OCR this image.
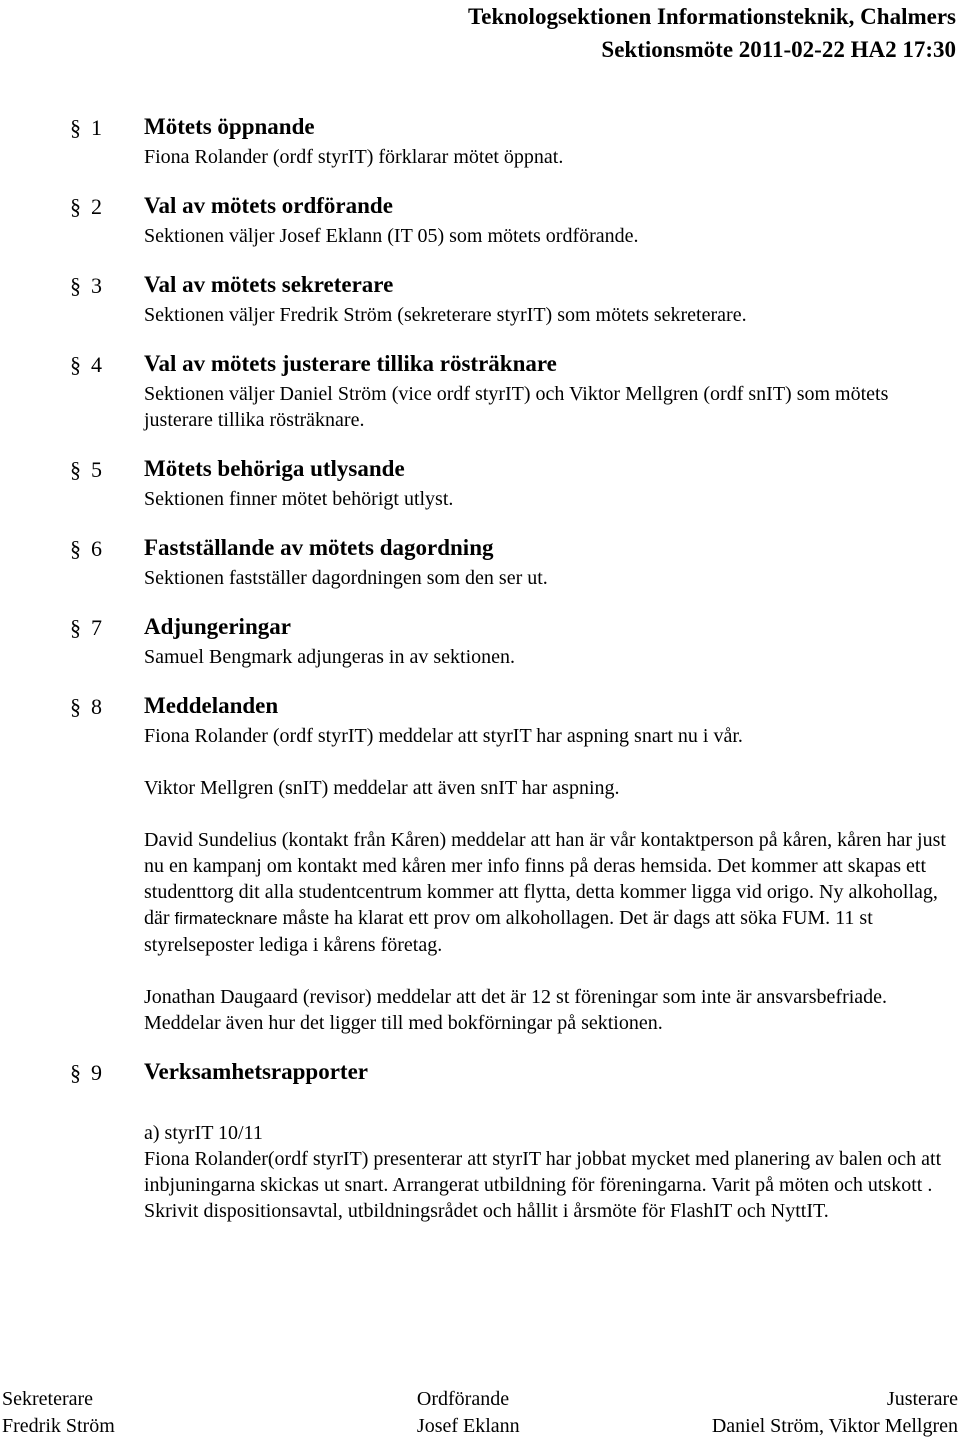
Teknologsektionen Informationsteknik, Chalmers
Sektionsmöte 2011-02-22 HA2 17:30
§ 1 Mötets öppnande
Fiona Rolander (ordf styrIT) förklarar mötet öppnat.
§ 2 Val av mötets ordförande
Sektionen väljer Josef Eklann (IT 05) som mötets ordförande.
§ 3 Val av mötets sekreterare
Sektionen väljer Fredrik Ström (sekreterare styrIT) som mötets sekreterare.
§ 4 Val av mötets justerare tillika rösträknare
Sektionen väljer Daniel Ström (vice ordf styrIT) och Viktor Mellgren (ordf snIT) som mötets justerare tillika rösträknare.
§ 5 Mötets behöriga utlysande
Sektionen finner mötet behörigt utlyst.
§ 6 Fastställande av mötets dagordning
Sektionen fastställer dagordningen som den ser ut.
§ 7 Adjungeringar
Samuel Bengmark adjungeras in av sektionen.
§ 8 Meddelanden
Fiona Rolander (ordf styrIT) meddelar att styrIT har aspning snart nu i vår.
Viktor Mellgren (snIT) meddelar att även snIT har aspning.
David Sundelius (kontakt från Kåren) meddelar att han är vår kontaktperson på kåren, kåren har just nu en kampanj om kontakt med kåren mer info finns på deras hemsida. Det kommer att skapas ett studenttorg dit alla studentcentrum kommer att flytta, detta kommer ligga vid origo. Ny alkohollag, där firmatecknare måste ha klarat ett prov om alkohollagen. Det är dags att söka FUM. 11 st styrelseposter lediga i kårens företag.
Jonathan Daugaard (revisor) meddelar att det är 12 st föreningar som inte är ansvarsbefriade. Meddelar även hur det ligger till med bokförningar på sektionen.
§ 9 Verksamhetsrapporter
a) styrIT 10/11
Fiona Rolander(ordf styrIT) presenterar att styrIT har jobbat mycket med planering av balen och att inbjuningarna skickas ut snart. Arrangerat utbildning för föreningarna. Varit på möten och utskott . Skrivit dispositionsavtal, utbildningsrådet och hållit i årsmöte för FlashIT och NyttIT.
Sekreterare
Fredrik Ström
Ordförande
Josef Eklann
Justerare
Daniel Ström, Viktor Mellgren
